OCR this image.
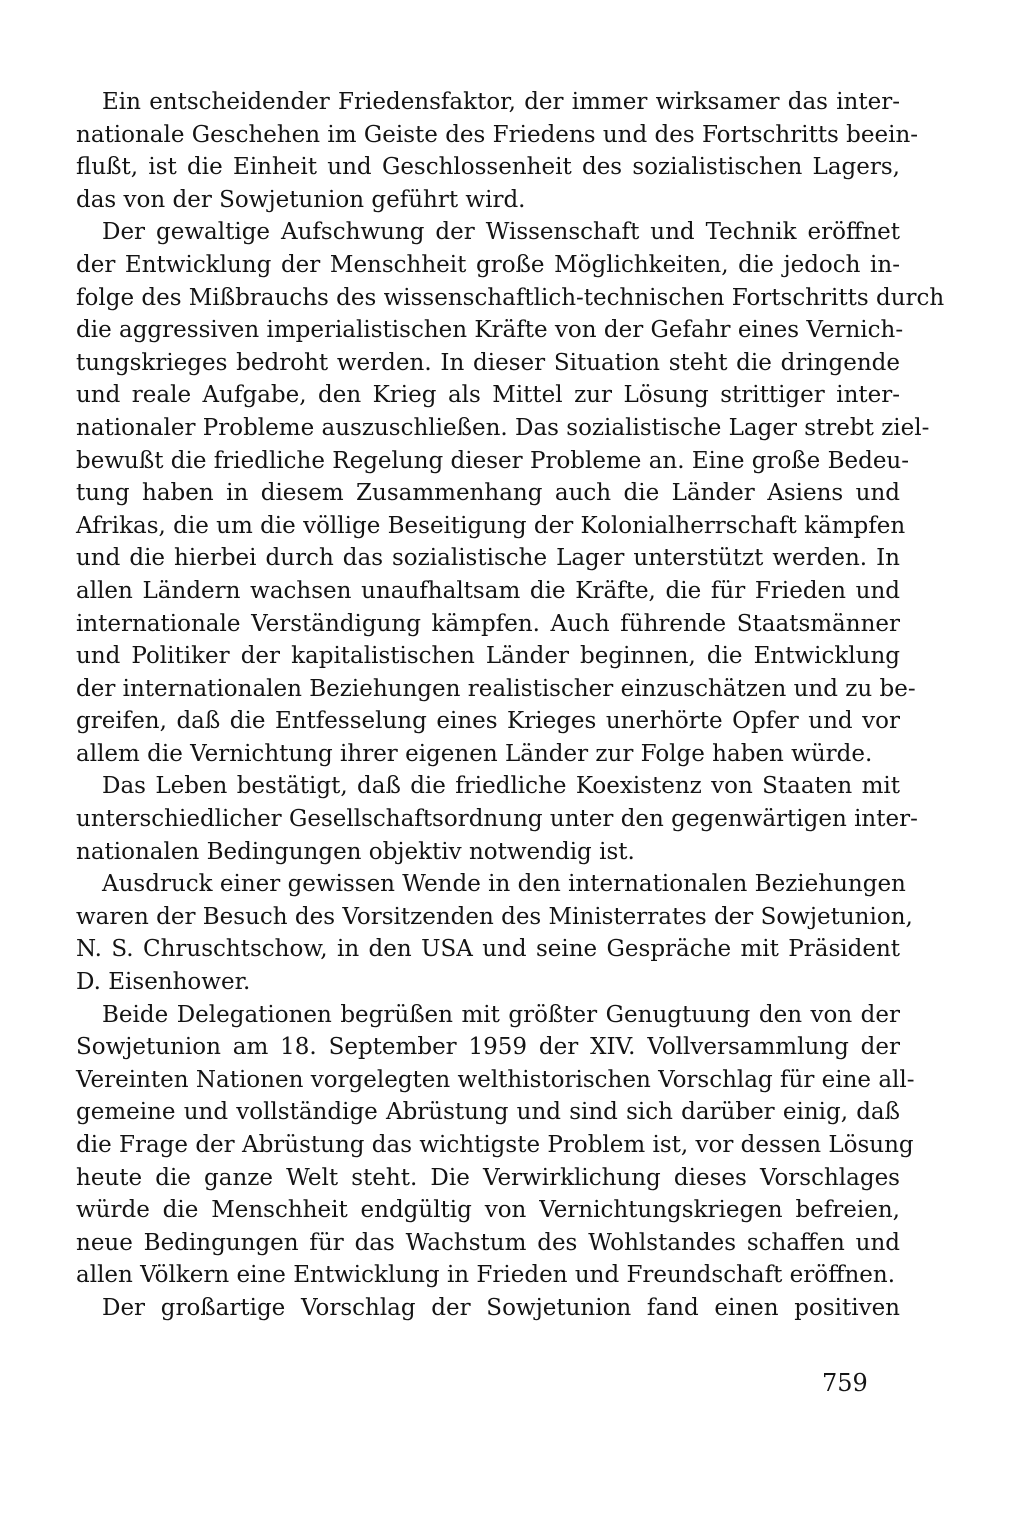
Ein entscheidender Friedensfaktor, der immer wirksamer das inter-
nationale Geschehen im Geiste des Friedens und des Fortschritts beein-
flußt, ist die Einheit und Geschlossenheit des sozialistischen Lagers,
das von der Sowjetunion geführt wird.
Der gewaltige Aufschwung der Wissenschaft und Technik eröffnet
der Entwicklung der Menschheit große Möglichkeiten, die jedoch in-
folge des Mißbrauchs des wissenschaftlich-technischen Fortschritts durch
die aggressiven imperialistischen Kräfte von der Gefahr eines Vernich-
tungskrieges bedroht werden. In dieser Situation steht die dringende
und reale Aufgabe, den Krieg als Mittel zur Lösung strittiger inter-
nationaler Probleme auszuschließen. Das sozialistische Lager strebt ziel-
bewußt die friedliche Regelung dieser Probleme an. Eine große Bedeu-
tung haben in diesem Zusammenhang auch die Länder Asiens und
Afrikas, die um die völlige Beseitigung der Kolonialherrschaft kämpfen
und die hierbei durch das sozialistische Lager unterstützt werden. In
allen Ländern wachsen unaufhaltsam die Kräfte, die für Frieden und
internationale Verständigung kämpfen. Auch führende Staatsmänner
und Politiker der kapitalistischen Länder beginnen, die Entwicklung
der internationalen Beziehungen realistischer einzuschätzen und zu be-
greifen, daß die Entfesselung eines Krieges unerhörte Opfer und vor
allem die Vernichtung ihrer eigenen Länder zur Folge haben würde.
Das Leben bestätigt, daß die friedliche Koexistenz von Staaten mit
unterschiedlicher Gesellschaftsordnung unter den gegenwärtigen inter-
nationalen Bedingungen objektiv notwendig ist.
Ausdruck einer gewissen Wende in den internationalen Beziehungen
waren der Besuch des Vorsitzenden des Ministerrates der Sowjetunion,
N. S. Chruschtschow, in den USA und seine Gespräche mit Präsident
D. Eisenhower.
Beide Delegationen begrüßen mit größter Genugtuung den von der
Sowjetunion am 18. September 1959 der XIV. Vollversammlung der
Vereinten Nationen vorgelegten welthistorischen Vorschlag für eine all-
gemeine und vollständige Abrüstung und sind sich darüber einig, daß
die Frage der Abrüstung das wichtigste Problem ist, vor dessen Lösung
heute die ganze Welt steht. Die Verwirklichung dieses Vorschlages
würde die Menschheit endgültig von Vernichtungskriegen befreien,
neue Bedingungen für das Wachstum des Wohlstandes schaffen und
allen Völkern eine Entwicklung in Frieden und Freundschaft eröffnen.
Der großartige Vorschlag der Sowjetunion fand einen positiven
759
